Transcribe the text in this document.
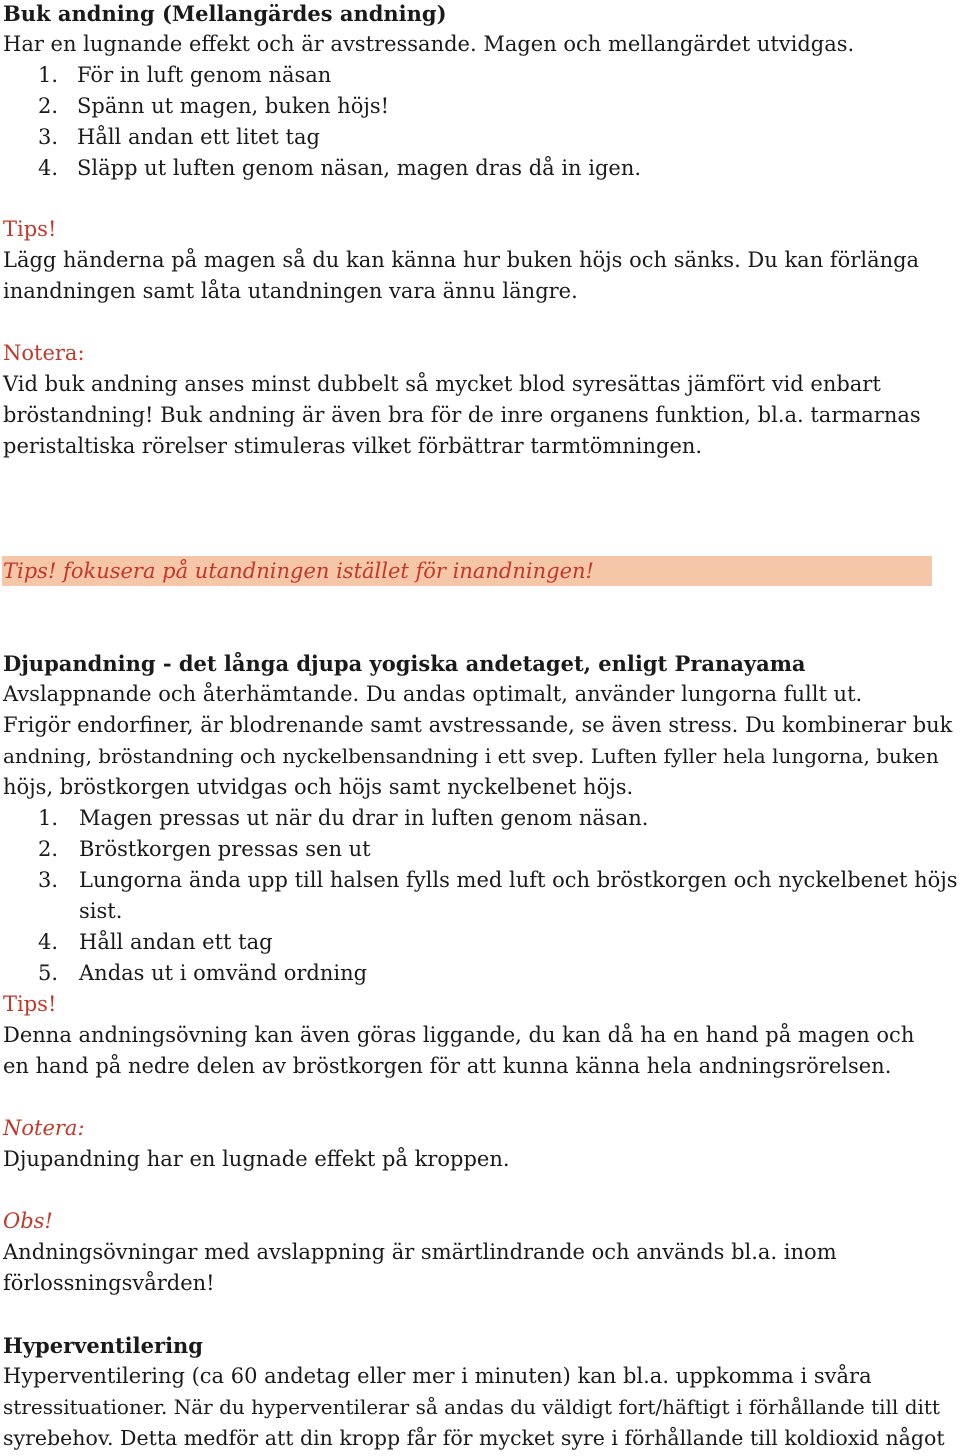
Buk andning (Mellangärdes andning)
Har en lugnande effekt och är avstressande. Magen och mellangärdet utvidgas.
1. För in luft genom näsan
2. Spänn ut magen, buken höjs!
3. Håll andan ett litet tag
4. Släpp ut luften genom näsan, magen dras då in igen.
Tips!
Lägg händerna på magen så du kan känna hur buken höjs och sänks. Du kan förlänga
inandningen samt låta utandningen vara ännu längre.
Notera:
Vid buk andning anses minst dubbelt så mycket blod syresättas jämfört vid enbart
bröstandning! Buk andning är även bra för de inre organens funktion, bl.a. tarmarnas
peristaltiska rörelser stimuleras vilket förbättrar tarmtömningen.
Tips! fokusera på utandningen istället för inandningen!
Djupandning - det långa djupa yogiska andetaget, enligt Pranayama
Avslappnande och återhämtande. Du andas optimalt, använder lungorna fullt ut.
Frigör endorfiner, är blodrenande samt avstressande, se även stress. Du kombinerar buk
andning, bröstandning och nyckelbensandning i ett svep. Luften fyller hela lungorna, buken
höjs, bröstkorgen utvidgas och höjs samt nyckelbenet höjs.
1. Magen pressas ut när du drar in luften genom näsan.
2. Bröstkorgen pressas sen ut
3. Lungorna ända upp till halsen fylls med luft och bröstkorgen och nyckelbenet höjs
sist.
4. Håll andan ett tag
5. Andas ut i omvänd ordning
Tips!
Denna andningsövning kan även göras liggande, du kan då ha en hand på magen och
en hand på nedre delen av bröstkorgen för att kunna känna hela andningsrörelsen.
Notera:
Djupandning har en lugnade effekt på kroppen.
Obs!
Andningsövningar med avslappning är smärtlindrande och används bl.a. inom
förlossningsvården!
Hyperventilering
Hyperventilering (ca 60 andetag eller mer i minuten) kan bl.a. uppkomma i svåra
stressituationer. När du hyperventilerar så andas du väldigt fort/häftigt i förhållande till ditt
syrebehov. Detta medför att din kropp får för mycket syre i förhållande till koldioxid något
